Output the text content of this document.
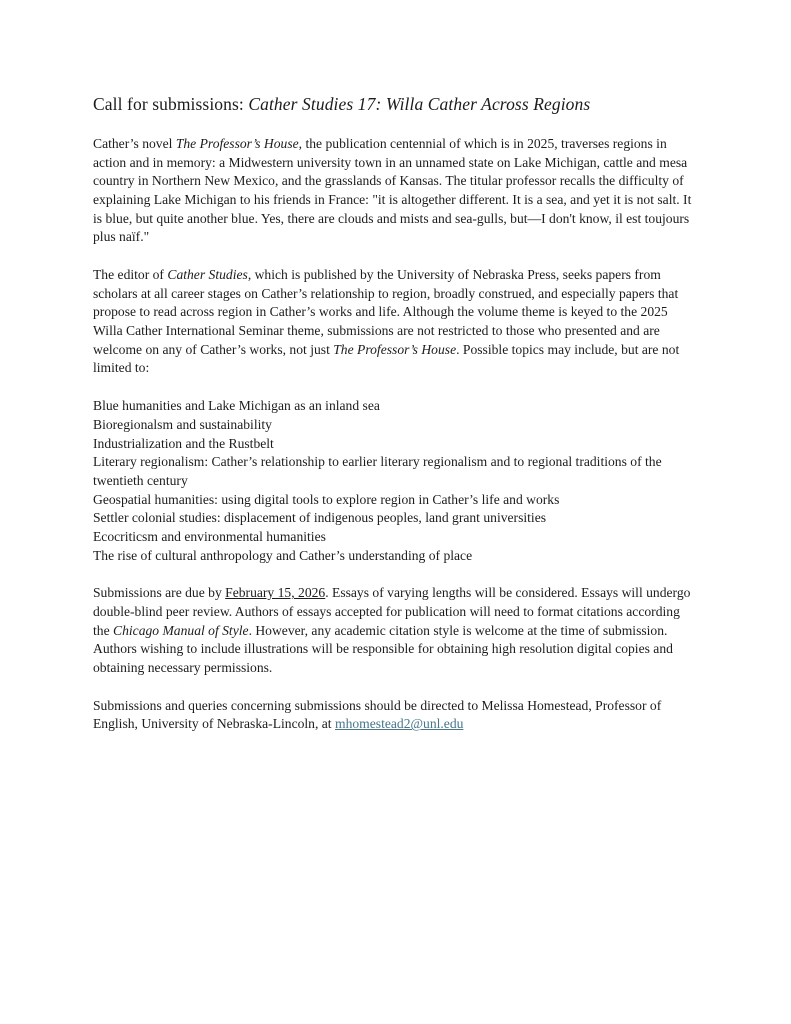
Call for submissions: Cather Studies 17: Willa Cather Across Regions

Cather’s novel The Professor’s House, the publication centennial of which is in 2025, traverses regions in action and in memory: a Midwestern university town in an unnamed state on Lake Michigan, cattle and mesa country in Northern New Mexico, and the grasslands of Kansas. The titular professor recalls the difficulty of explaining Lake Michigan to his friends in France: "it is altogether different. It is a sea, and yet it is not salt. It is blue, but quite another blue. Yes, there are clouds and mists and sea-gulls, but—I don't know, il est toujours plus naïf."

The editor of Cather Studies, which is published by the University of Nebraska Press, seeks papers from scholars at all career stages on Cather’s relationship to region, broadly construed, and especially papers that propose to read across region in Cather’s works and life. Although the volume theme is keyed to the 2025 Willa Cather International Seminar theme, submissions are not restricted to those who presented and are welcome on any of Cather’s works, not just The Professor’s House. Possible topics may include, but are not limited to:

Blue humanities and Lake Michigan as an inland sea
Bioregionalsm and sustainability
Industrialization and the Rustbelt
Literary regionalism: Cather’s relationship to earlier literary regionalism and to regional traditions of the twentieth century
Geospatial humanities: using digital tools to explore region in Cather’s life and works
Settler colonial studies: displacement of indigenous peoples, land grant universities
Ecocriticsm and environmental humanities
The rise of cultural anthropology and Cather’s understanding of place

Submissions are due by February 15, 2026. Essays of varying lengths will be considered. Essays will undergo double-blind peer review. Authors of essays accepted for publication will need to format citations according the Chicago Manual of Style. However, any academic citation style is welcome at the time of submission. Authors wishing to include illustrations will be responsible for obtaining high resolution digital copies and obtaining necessary permissions.

Submissions and queries concerning submissions should be directed to Melissa Homestead, Professor of English, University of Nebraska-Lincoln, at mhomestead2@unl.edu
